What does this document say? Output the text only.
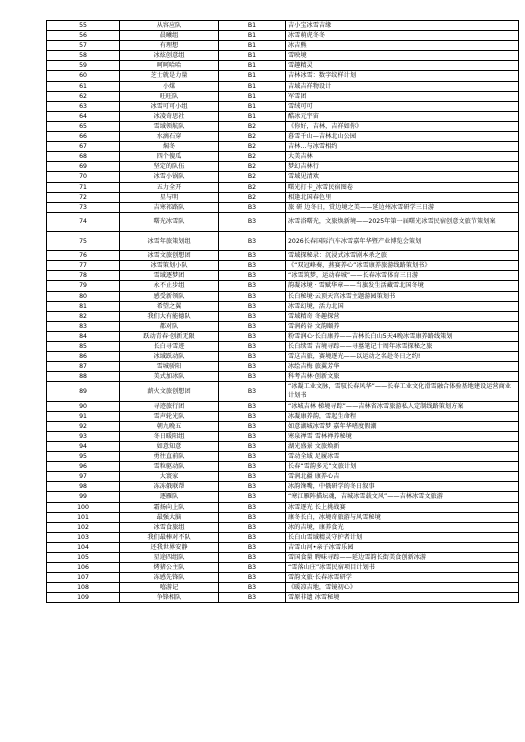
55	从容应队	B1	吉小宝冰雪吉缘
56	晨曦组	B1	冰雪萌虎冬冬
57	有理想	B1	冰吉熊
58	冰炫创意组	B1	雪映境
59	呵呵哈哈	B1	雪趣精灵
60	芝士就是力量	B1	吉林冰雪：数字纹样计划
61	小煤	B1	吉域吉祥物设计
62	旺旺队	B1	军雪团
63	冰雪可可小组	B1	雪绒可可
64	冰凌奇思社	B1	酷冰元宇宙
65	雪域领航队	B2	《你好，吉林，吉祥如你》
66	水滴石穿	B2	暮雪千山—吉林北山公园
67	焖冬	B2	吉林…与冰雪相约
68	四个傻瓜	B2	大美吉林
69	坚定的队伍	B2	梦幻吉林行
70	冰雪小锅队	B2	雪域见清欢
71	五力全开	B2	曙光打卡_冰雪民宿图卷
72	星与明	B2	相逢北国春色里
73	吉寒祁路队	B3	旅 研 边冬日，赏边境之美——延边州冰雪研学三日游
74	曙光冰雪队	B3	冰雪浴曙光，文旅焕新境——2025年第一届曙光冰雪民宿创意文旅节策划案
75	冰雪年旅策划组	B3	2026长春国际汽车冰雪嘉年华暨产业博览会策划
76	冰雪文旅创想团	B3	雪域探秘录：沉浸式冰雪剧本杀之旅
77	冰雪策划小队	B3	《“双冠峰奏，燕赛养心”冰雪康养旅游线路策划书》
78	雪域逐梦团	B3	“冰雪筑梦，运动春城”——长春冰雪体育三日游
79	永不止步组	B3	韵凝冰境 · 雪赋华章——当旗发生活藏雪北国冬境
80	感受新领队	B3	长白秘境·云顶天宫冰雪主题游园策划书
81	希望之翼	B3	冰雪幻境，活力北国
82	我们大有能德队	B3	雪域精奇 冬趣探营
83	都对队	B3	雪润药谷 文韵颐养
84	跃动青春·创新无限	B3	粉雪润心·长白康养——吉林长白山5天4晚冰雪康养路线策划
85	长白寻雪迹	B3	长白续雪 吉境寻踪——寻墓笔记十周年冰雪探秘之旅
86	冰域跃动队	B3	雪这吉旅，赛境逐光——以运动之名赴冬日之约!
87	雪城骄阳	B3	冰绘吉梅 旅翼芳华
88	美式加冰队	B3	科考吉林·创新文旅
89	薪火文旅创想团	B3	“冰凝工业文脉，雪驭长春风华”——长春工业文化滑雪融合体验基地建设运营商业计划书
90	寻迹旅行团	B3	“冰城吉林 梯境寻踪”——吉林省冰雪旅游私人定制线路策划方案
91	雪声轮光队	B3	冰凝康养韵，雪起生命程
92	朝九晚五	B3	如意湖城冰雪梦 嘉年华嗜度假潮
93	冬日暖阳组	B3	寒泉禅雪 雪林禅养秘境
94	如意知意	B3	湖光盛景 文旅焕新
95	勇往直前队	B3	雪动全域 足履冰雪
96	雪粒驱动队	B3	长春“雪韵多元”文旅计划
97	大寰家	B3	雪润北疆 康养心吉
98	冻冻俄联帮	B3	冰韵馋嘴，中俄研学的冬日叙事
99	逐雁队	B3	“寒江雁阵描坛魂，吉城冰雪载文风”——吉林冰雪文旅游
100	霜扬向上队	B3	冰雪逐光 长上挑战赛
101	最强大脑	B3	康冬长白，冰境奇旅游与风雪秘境
102	冰雪食旅组	B3	冰的吉境，康养食光
103	我们最棒对不队	B3	长白山雪域精灵守护者计划
104	还我世界安静	B3	吉雪山河•亲子冰雪乐园
105	星途四组队	B3	雪国食量 聘味寻踪——延边雪韵长街美食创新冰游
106	烤猪公主队	B3	“雪落山庄”冰雪民宿项目计划书
107	冻感先锋队	B3	雪韵文旅·长春冰雪研学
108	嘻游记	B3	《暖凉吉地，雪镜初心》
109	争锋相队	B3	雪原非遗 冰雪秘境
